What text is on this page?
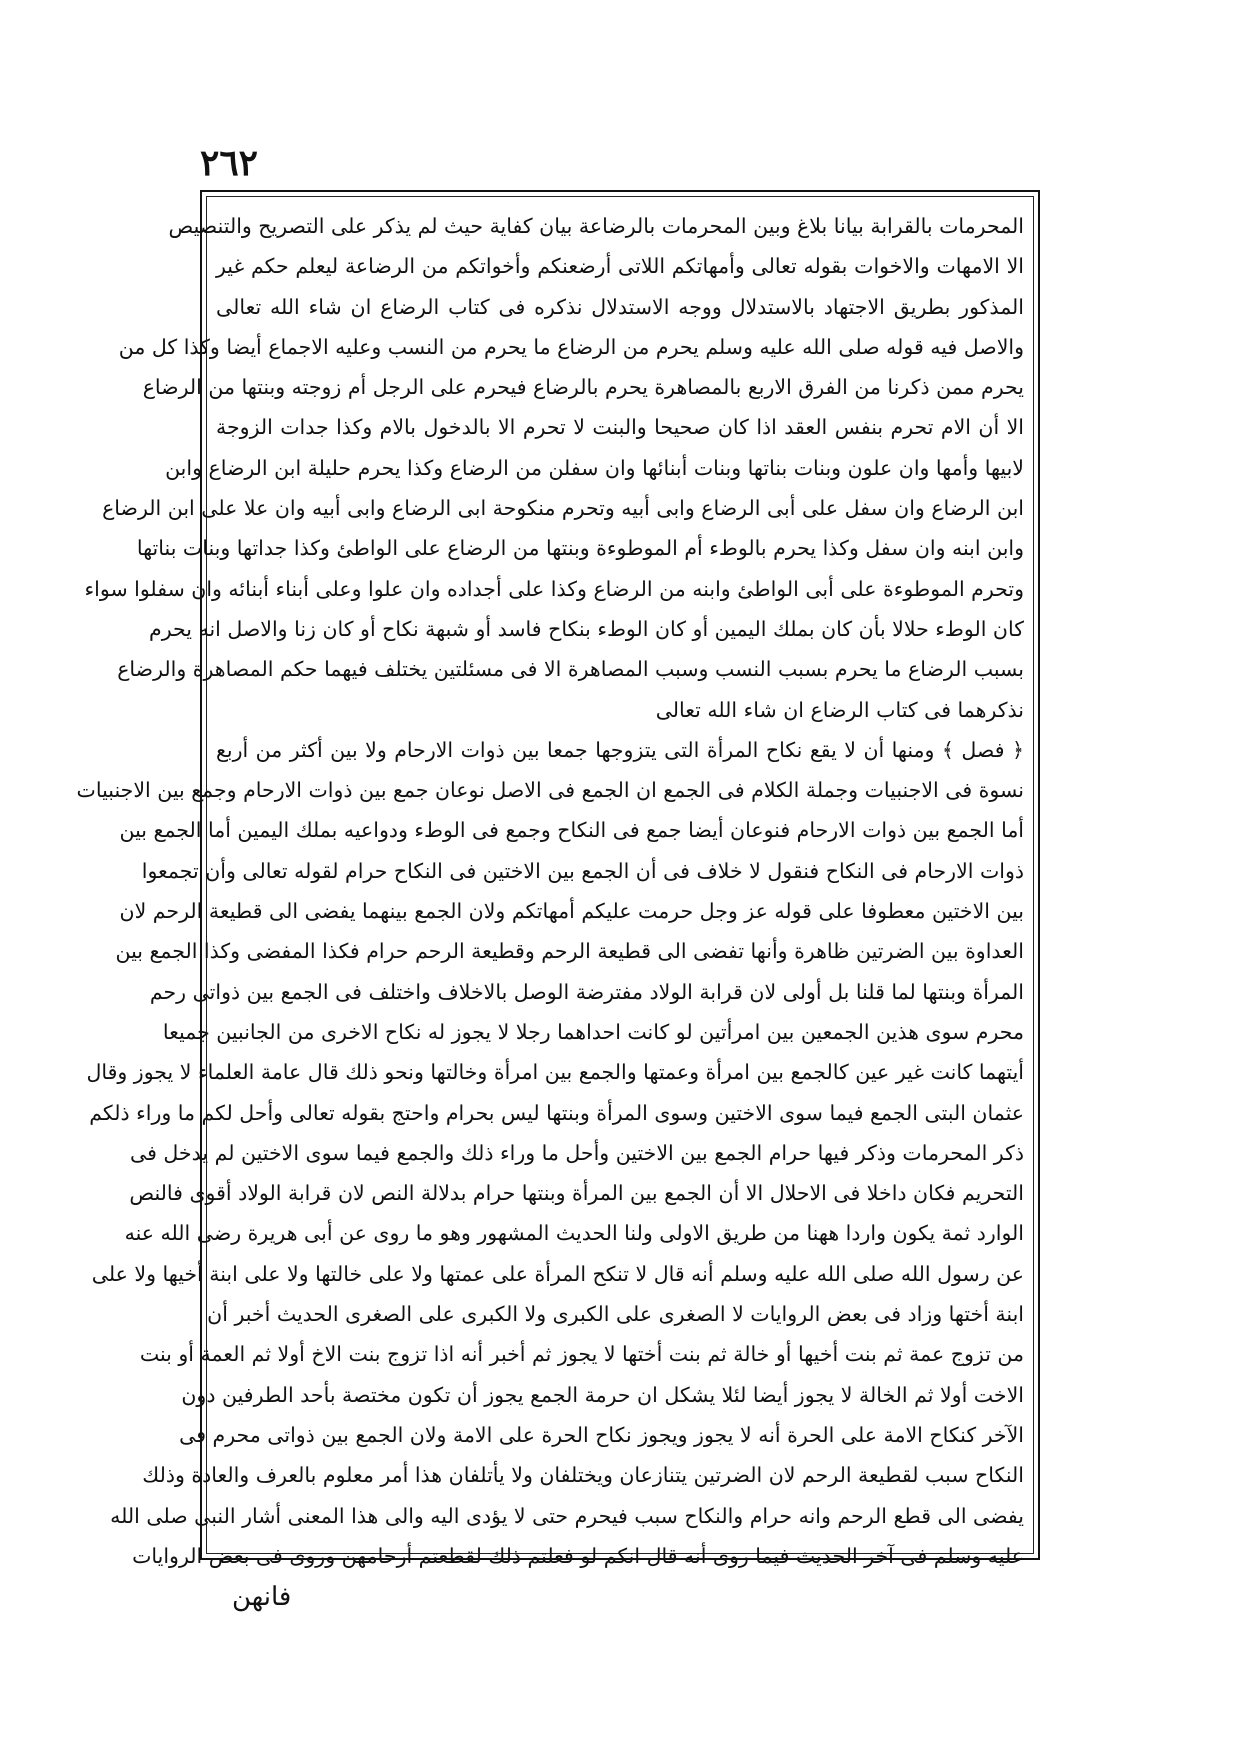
٢٦٢
المحرمات بالقرابة بيانا بلاغ وبين المحرمات بالرضاعة بيان كفاية حيث لم يذكر على التصريح والتنصيص
الا الامهات والاخوات بقوله تعالى وأمهاتكم اللاتى أرضعنكم وأخواتكم من الرضاعة ليعلم حكم غير
المذكور بطريق الاجتهاد بالاستدلال ووجه الاستدلال نذكره فى كتاب الرضاع ان شاء الله تعالى
والاصل فيه قوله صلى الله عليه وسلم يحرم من الرضاع ما يحرم من النسب وعليه الاجماع أيضا وكذا كل من
يحرم ممن ذكرنا من الفرق الاربع بالمصاهرة يحرم بالرضاع فيحرم على الرجل أم زوجته وبنتها من الرضاع
الا أن الام تحرم بنفس العقد اذا كان صحيحا والبنت لا تحرم الا بالدخول بالام وكذا جدات الزوجة
لابيها وأمها وان علون وبنات بناتها وبنات أبنائها وان سفلن من الرضاع وكذا يحرم حليلة ابن الرضاع وابن
ابن الرضاع وان سفل على أبى الرضاع وابى أبيه وتحرم منكوحة ابى الرضاع وابى أبيه وان علا على ابن الرضاع
وابن ابنه وان سفل وكذا يحرم بالوطء أم الموطوءة وبنتها من الرضاع على الواطئ وكذا جداتها وبنات بناتها
وتحرم الموطوءة على أبى الواطئ وابنه من الرضاع وكذا على أجداده وان علوا وعلى أبناء أبنائه وان سفلوا سواء
كان الوطء حلالا بأن كان بملك اليمين أو كان الوطء بنكاح فاسد أو شبهة نكاح أو كان زنا والاصل انه يحرم
بسبب الرضاع ما يحرم بسبب النسب وسبب المصاهرة الا فى مسئلتين يختلف فيهما حكم المصاهرة والرضاع
نذكرهما فى كتاب الرضاع ان شاء الله تعالى
﴿ فصل ﴾ ومنها أن لا يقع نكاح المرأة التى يتزوجها جمعا بين ذوات الارحام ولا بين أكثر من أربع
نسوة فى الاجنبيات وجملة الكلام فى الجمع ان الجمع فى الاصل نوعان جمع بين ذوات الارحام وجمع بين الاجنبيات
أما الجمع بين ذوات الارحام فنوعان أيضا جمع فى النكاح وجمع فى الوطء ودواعيه بملك اليمين أما الجمع بين
ذوات الارحام فى النكاح فنقول لا خلاف فى أن الجمع بين الاختين فى النكاح حرام لقوله تعالى وأن تجمعوا
بين الاختين معطوفا على قوله عز وجل حرمت عليكم أمهاتكم ولان الجمع بينهما يفضى الى قطيعة الرحم لان
العداوة بين الضرتين ظاهرة وأنها تفضى الى قطيعة الرحم وقطيعة الرحم حرام فكذا المفضى وكذا الجمع بين
المرأة وبنتها لما قلنا بل أولى لان قرابة الولاد مفترضة الوصل بالاخلاف واختلف فى الجمع بين ذواتى رحم
محرم سوى هذين الجمعين بين امرأتين لو كانت احداهما رجلا لا يجوز له نكاح الاخرى من الجانبين جميعا
أيتهما كانت غير عين كالجمع بين امرأة وعمتها والجمع بين امرأة وخالتها ونحو ذلك قال عامة العلماء لا يجوز وقال
عثمان البتى الجمع فيما سوى الاختين وسوى المرأة وبنتها ليس بحرام واحتج بقوله تعالى وأحل لكم ما وراء ذلكم
ذكر المحرمات وذكر فيها حرام الجمع بين الاختين وأحل ما وراء ذلك والجمع فيما سوى الاختين لم يدخل فى
التحريم فكان داخلا فى الاحلال الا أن الجمع بين المرأة وبنتها حرام بدلالة النص لان قرابة الولاد أقوى فالنص
الوارد ثمة يكون واردا ههنا من طريق الاولى ولنا الحديث المشهور وهو ما روى عن أبى هريرة رضى الله عنه
عن رسول الله صلى الله عليه وسلم أنه قال لا تنكح المرأة على عمتها ولا على خالتها ولا على ابنة أخيها ولا على
ابنة أختها وزاد فى بعض الروايات لا الصغرى على الكبرى ولا الكبرى على الصغرى الحديث أخبر أن
من تزوج عمة ثم بنت أخيها أو خالة ثم بنت أختها لا يجوز ثم أخبر أنه اذا تزوج بنت الاخ أولا ثم العمة أو بنت
الاخت أولا ثم الخالة لا يجوز أيضا لئلا يشكل ان حرمة الجمع يجوز أن تكون مختصة بأحد الطرفين دون
الآخر كنكاح الامة على الحرة أنه لا يجوز ويجوز نكاح الحرة على الامة ولان الجمع بين ذواتى محرم فى
النكاح سبب لقطيعة الرحم لان الضرتين يتنازعان ويختلفان ولا يأتلفان هذا أمر معلوم بالعرف والعادة وذلك
يفضى الى قطع الرحم وانه حرام والنكاح سبب فيحرم حتى لا يؤدى اليه والى هذا المعنى أشار النبى صلى الله
عليه وسلم فى آخر الحديث فيما روى أنه قال انكم لو فعلتم ذلك لقطعتم أرحامهن وروى فى بعض الروايات
فانهن
